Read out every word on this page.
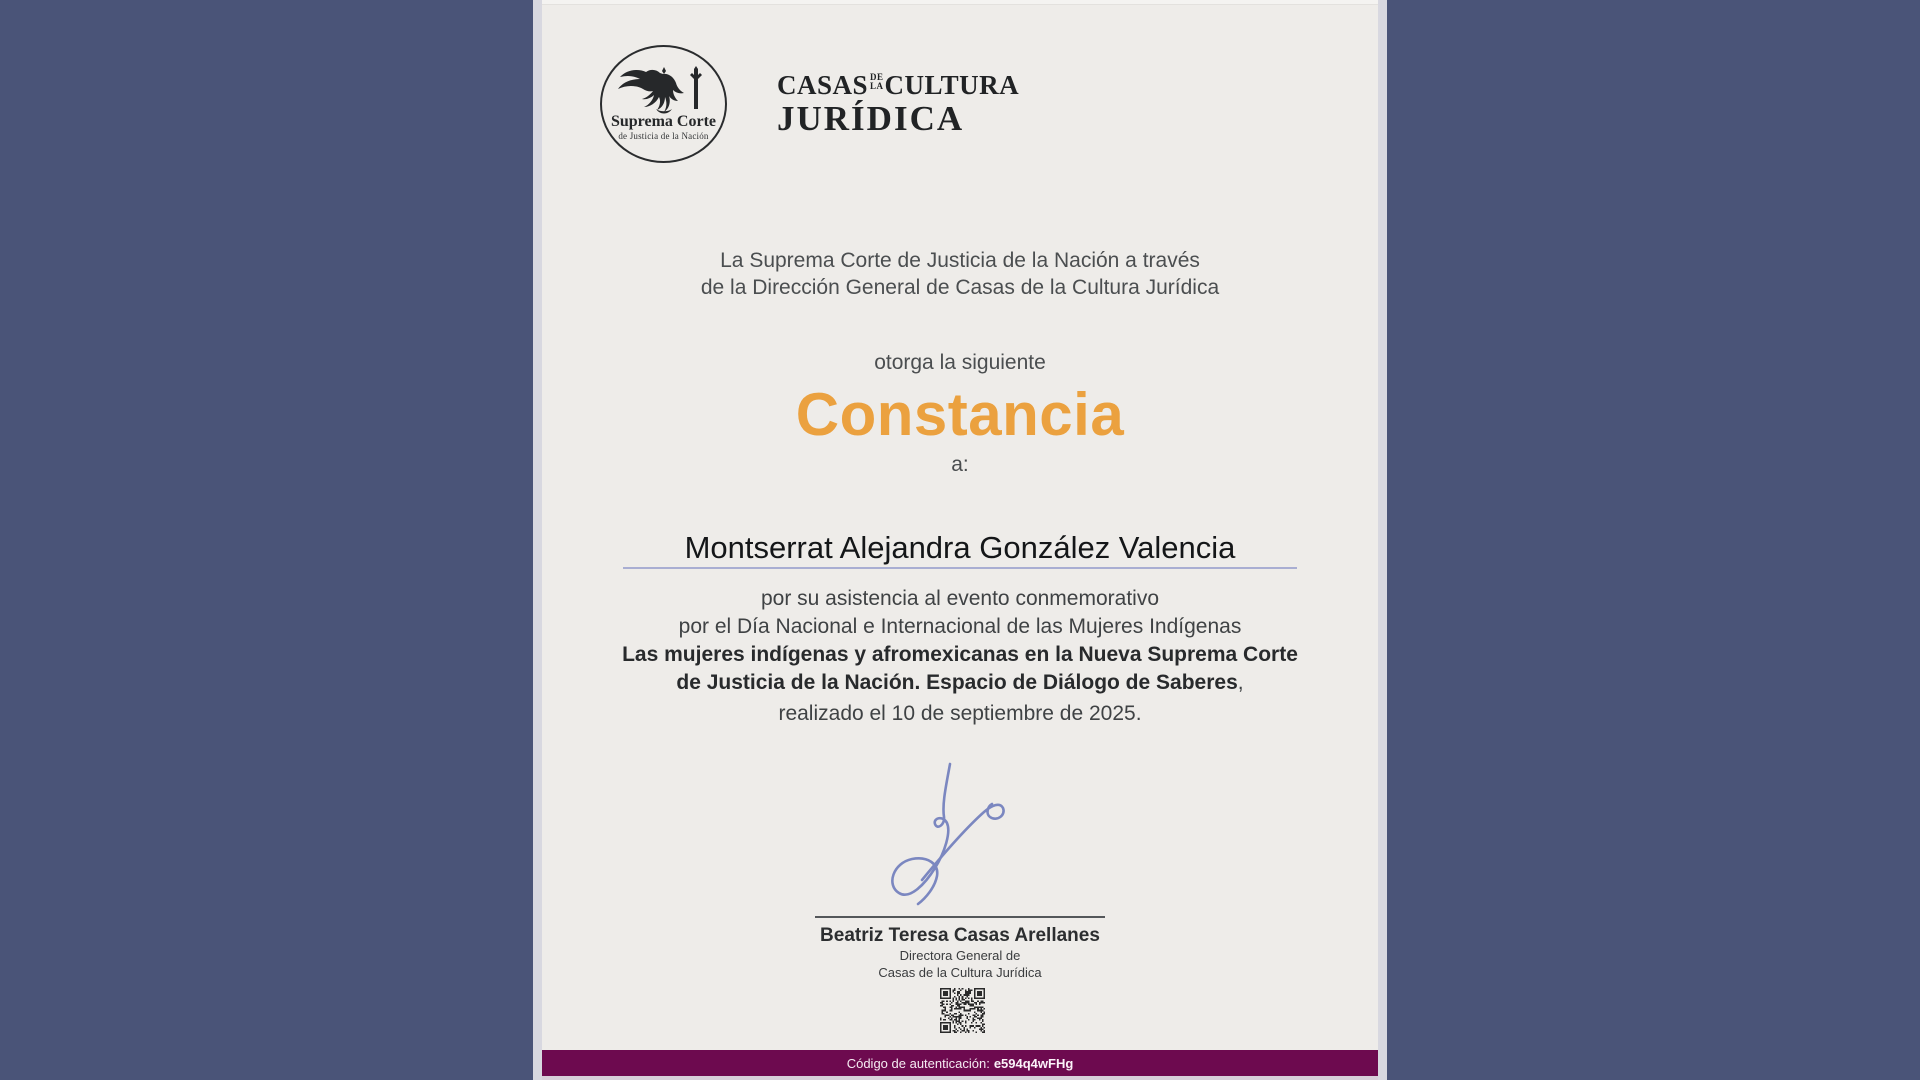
Suprema Corte
de Justicia de la Nación
CASAS DE
LA CULTURA
JURÍDICA
La Suprema Corte de Justicia de la Nación a través
de la Dirección General de Casas de la Cultura Jurídica
otorga la siguiente
Constancia
a:
Montserrat Alejandra González Valencia
por su asistencia al evento conmemorativo
por el Día Nacional e Internacional de las Mujeres Indígenas
Las mujeres indígenas y afromexicanas en la Nueva Suprema Corte
de Justicia de la Nación. Espacio de Diálogo de Saberes,
realizado el 10 de septiembre de 2025.
Beatriz Teresa Casas Arellanes
Directora General de
Casas de la Cultura Jurídica
Código de autenticación: e594q4wFHg
